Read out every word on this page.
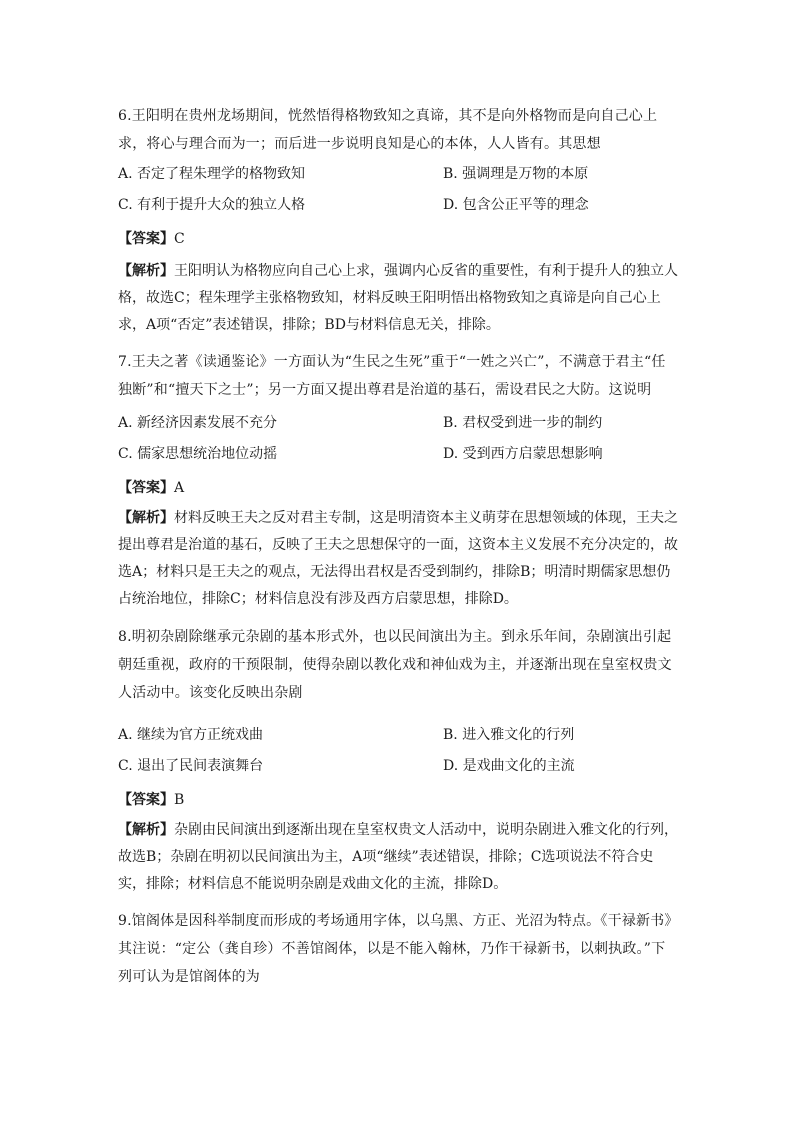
6.王阳明在贵州龙场期间，恍然悟得格物致知之真谛，其不是向外格物而是向自己心上求，将心与理合而为一；而后进一步说明良知是心的本体，人人皆有。其思想
A. 否定了程朱理学的格物致知	B. 强调理是万物的本原
C. 有利于提升大众的独立人格	D. 包含公正平等的理念
【答案】C
【解析】王阳明认为格物应向自己心上求，强调内心反省的重要性，有利于提升人的独立人格，故选C；程朱理学主张格物致知，材料反映王阳明悟出格物致知之真谛是向自己心上求，A项“否定”表述错误，排除；BD与材料信息无关，排除。
7.王夫之著《读通鉴论》一方面认为“生民之生死”重于“一姓之兴亡”，不满意于君主“任独断”和“擅天下之士”；另一方面又提出尊君是治道的基石，需设君民之大防。这说明
A. 新经济因素发展不充分	B. 君权受到进一步的制约
C. 儒家思想统治地位动摇	D. 受到西方启蒙思想影响
【答案】A
【解析】材料反映王夫之反对君主专制，这是明清资本主义萌芽在思想领域的体现，王夫之提出尊君是治道的基石，反映了王夫之思想保守的一面，这资本主义发展不充分决定的，故选A；材料只是王夫之的观点，无法得出君权是否受到制约，排除B；明清时期儒家思想仍占统治地位，排除C；材料信息没有涉及西方启蒙思想，排除D。
8.明初杂剧除继承元杂剧的基本形式外，也以民间演出为主。到永乐年间，杂剧演出引起朝廷重视，政府的干预限制，使得杂剧以教化戏和神仙戏为主，并逐渐出现在皇室权贵文人活动中。该变化反映出杂剧
A. 继续为官方正统戏曲	B. 进入雅文化的行列
C. 退出了民间表演舞台	D. 是戏曲文化的主流
【答案】B
【解析】杂剧由民间演出到逐渐出现在皇室权贵文人活动中，说明杂剧进入雅文化的行列，故选B；杂剧在明初以民间演出为主，A项“继续”表述错误，排除；C选项说法不符合史实，排除；材料信息不能说明杂剧是戏曲文化的主流，排除D。
9.馆阁体是因科举制度而形成的考场通用字体，以乌黑、方正、光沼为特点。《干禄新书》其注说：“定公（龚自珍）不善馆阁体，以是不能入翰林，乃作干禄新书，以刺执政。”下列可认为是馆阁体的为
